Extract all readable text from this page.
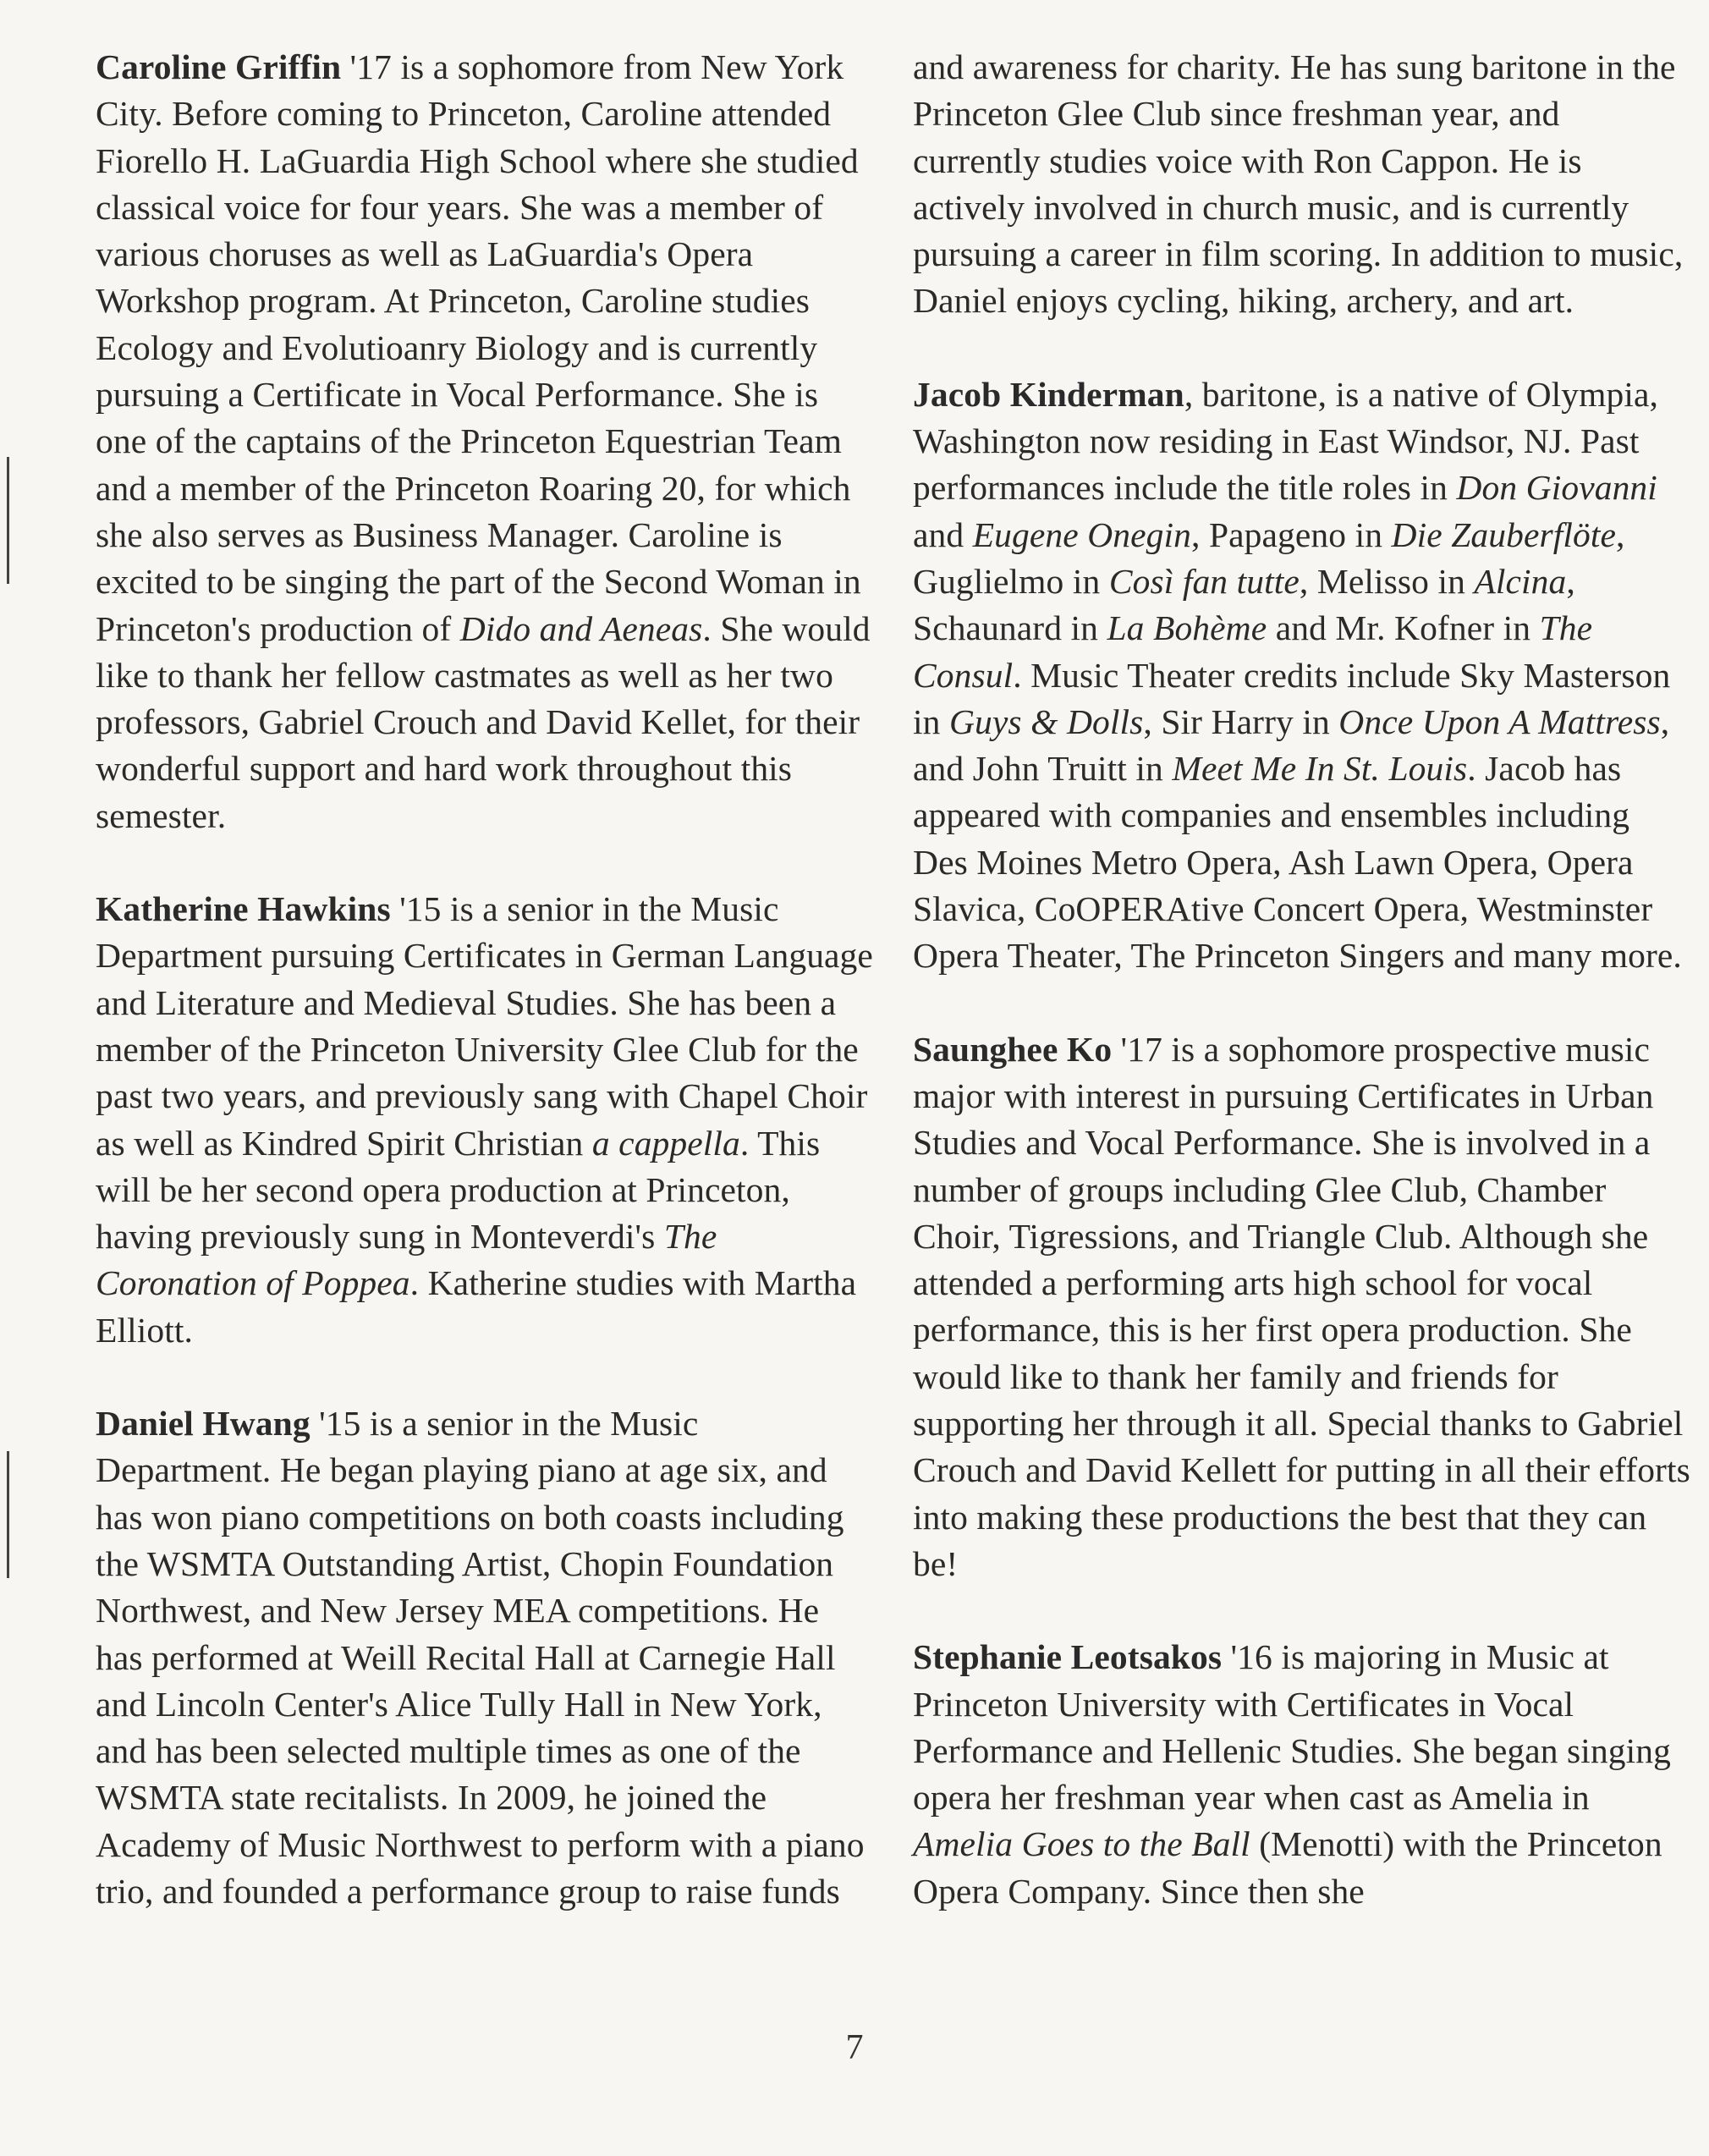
Caroline Griffin '17 is a sophomore from New York City. Before coming to Princeton, Caroline attended Fiorello H. LaGuardia High School where she studied classical voice for four years. She was a member of various choruses as well as LaGuardia's Opera Workshop program. At Princeton, Caroline studies Ecology and Evolutioanry Biology and is currently pursuing a Certificate in Vocal Performance. She is one of the captains of the Princeton Equestrian Team and a member of the Princeton Roaring 20, for which she also serves as Business Manager. Caroline is excited to be singing the part of the Second Woman in Princeton's production of Dido and Aeneas. She would like to thank her fellow castmates as well as her two professors, Gabriel Crouch and David Kellet, for their wonderful support and hard work throughout this semester.

Katherine Hawkins '15 is a senior in the Music Department pursuing Certificates in German Language and Literature and Medieval Studies. She has been a member of the Princeton University Glee Club for the past two years, and previously sang with Chapel Choir as well as Kindred Spirit Christian a cappella. This will be her second opera production at Princeton, having previously sung in Monteverdi's The Coronation of Poppea. Katherine studies with Martha Elliott.

Daniel Hwang '15 is a senior in the Music Department. He began playing piano at age six, and has won piano competitions on both coasts including the WSMTA Outstanding Artist, Chopin Foundation Northwest, and New Jersey MEA competitions. He has performed at Weill Recital Hall at Carnegie Hall and Lincoln Center's Alice Tully Hall in New York, and has been selected multiple times as one of the WSMTA state recitalists. In 2009, he joined the Academy of Music Northwest to perform with a piano trio, and founded a performance group to raise funds

and awareness for charity. He has sung baritone in the Princeton Glee Club since freshman year, and currently studies voice with Ron Cappon. He is actively involved in church music, and is currently pursuing a career in film scoring. In addition to music, Daniel enjoys cycling, hiking, archery, and art.

Jacob Kinderman, baritone, is a native of Olympia, Washington now residing in East Windsor, NJ. Past performances include the title roles in Don Giovanni and Eugene Onegin, Papageno in Die Zauberflöte, Guglielmo in Così fan tutte, Melisso in Alcina, Schaunard in La Bohème and Mr. Kofner in The Consul. Music Theater credits include Sky Masterson in Guys & Dolls, Sir Harry in Once Upon A Mattress, and John Truitt in Meet Me In St. Louis. Jacob has appeared with companies and ensembles including Des Moines Metro Opera, Ash Lawn Opera, Opera Slavica, CoOPERAtive Concert Opera, Westminster Opera Theater, The Princeton Singers and many more.

Saunghee Ko '17 is a sophomore prospective music major with interest in pursuing Certificates in Urban Studies and Vocal Performance. She is involved in a number of groups including Glee Club, Chamber Choir, Tigressions, and Triangle Club. Although she attended a performing arts high school for vocal performance, this is her first opera production. She would like to thank her family and friends for supporting her through it all. Special thanks to Gabriel Crouch and David Kellett for putting in all their efforts into making these productions the best that they can be!

Stephanie Leotsakos '16 is majoring in Music at Princeton University with Certificates in Vocal Performance and Hellenic Studies. She began singing opera her freshman year when cast as Amelia in Amelia Goes to the Ball (Menotti) with the Princeton Opera Company. Since then she

7
